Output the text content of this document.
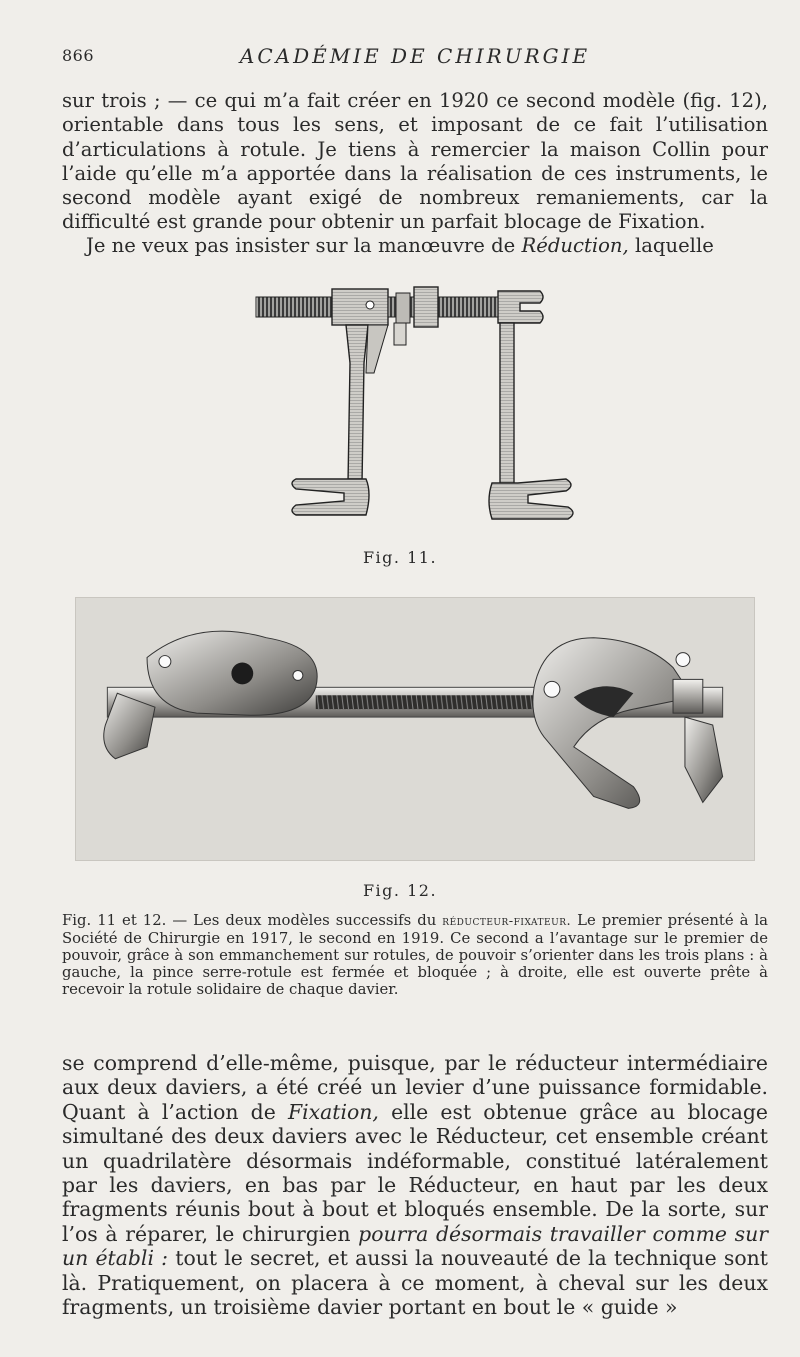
866	ACADÉMIE DE CHIRURGIE

sur trois ; — ce qui m’a fait créer en 1920 ce second modèle (fig. 12), orientable dans tous les sens, et imposant de ce fait l’utilisation d’articulations à rotule. Je tiens à remercier la maison Collin pour l’aide qu’elle m’a apportée dans la réalisation de ces instruments, le second modèle ayant exigé de nombreux remaniements, car la difficulté est grande pour obtenir un parfait blocage de Fixation.

Je ne veux pas insister sur la manœuvre de Réduction, laquelle

Fig. 11.
Fig. 12.

Fig. 11 et 12. — Les deux modèles successifs du réducteur-fixateur. Le premier présenté à la Société de Chirurgie en 1917, le second en 1919. Ce second a l’avantage sur le premier de pouvoir, grâce à son emmanchement sur rotules, de pouvoir s’orienter dans les trois plans : à gauche, la pince serre-rotule est fermée et bloquée ; à droite, elle est ouverte prête à recevoir la rotule solidaire de chaque davier.

se comprend d’elle-même, puisque, par le réducteur intermédiaire aux deux daviers, a été créé un levier d’une puissance formidable. Quant à l’action de Fixation, elle est obtenue grâce au blocage simultané des deux daviers avec le Réducteur, cet ensemble créant un quadrilatère désormais indéformable, constitué latéralement par les daviers, en bas par le Réducteur, en haut par les deux fragments réunis bout à bout et bloqués ensemble. De la sorte, sur l’os à réparer, le chirurgien pourra désormais travailler comme sur un établi : tout le secret, et aussi la nouveauté de la technique sont là. Pratiquement, on placera à ce moment, à cheval sur les deux fragments, un troisième davier portant en bout le « guide »
